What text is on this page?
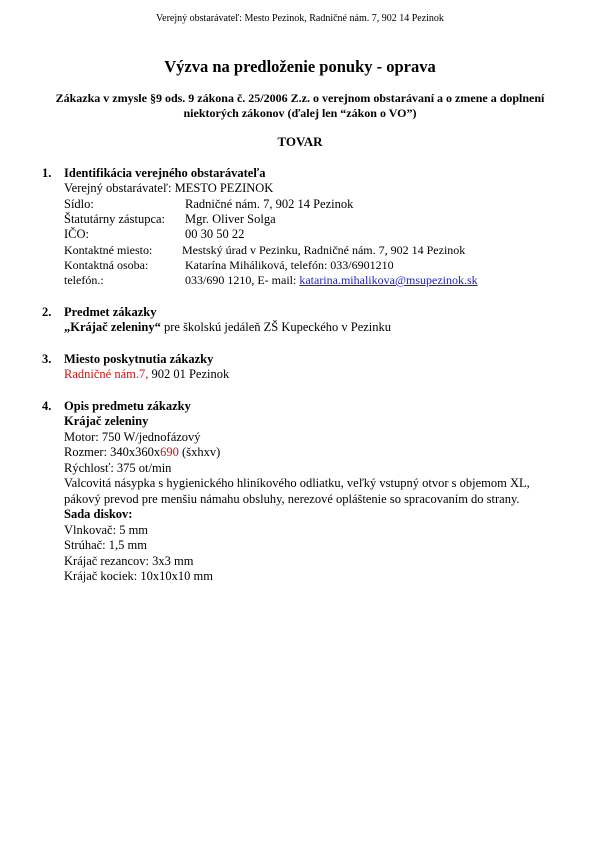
Verejný obstarávateľ: Mesto Pezinok, Radničné nám. 7, 902 14 Pezinok
Výzva na predloženie ponuky - oprava
Zákazka v zmysle §9 ods. 9 zákona č. 25/2006 Z.z. o verejnom obstarávaní a o zmene a doplnení niektorých zákonov (ďalej len “zákon o VO”)
TOVAR
1. Identifikácia verejného obstarávateľa
Verejný obstarávateľ: MESTO PEZINOK
Sídlo:	Radničné nám. 7, 902 14 Pezinok
Štatutárny zástupca: Mgr. Oliver Solga
IČO:	00 30 50 22
Kontaktné miesto: Mestský úrad v Pezinku, Radničné nám. 7, 902 14 Pezinok
Kontaktná osoba:	Katarína Miháliková, telefón: 033/6901210
telefón.:	033/690 1210, E- mail: katarina.mihalikova@msupezinok.sk
2. Predmet zákazky
„Krájač zeleniny“ pre školskú jedáleň ZŠ Kupeckého v Pezinku
3. Miesto poskytnutia zákazky
Radničné nám.7, 902 01 Pezinok
4. Opis predmetu zákazky
Krájač zeleniny
Motor: 750 W/jednofázový
Rozmer: 340x360x690 (šxhxv)
Rýchlosť: 375 ot/min
Valcovitá násypka s hygienického hliníkového odliatku, veľký vstupný otvor s objemom XL,
pákový prevod pre menšiu námahu obsluhy, nerezové opláštenie so spracovaním do strany.
Sada diskov:
Vlnkovač: 5 mm
Strúhač: 1,5 mm
Krájač rezancov: 3x3 mm
Krájač kociek: 10x10x10 mm
